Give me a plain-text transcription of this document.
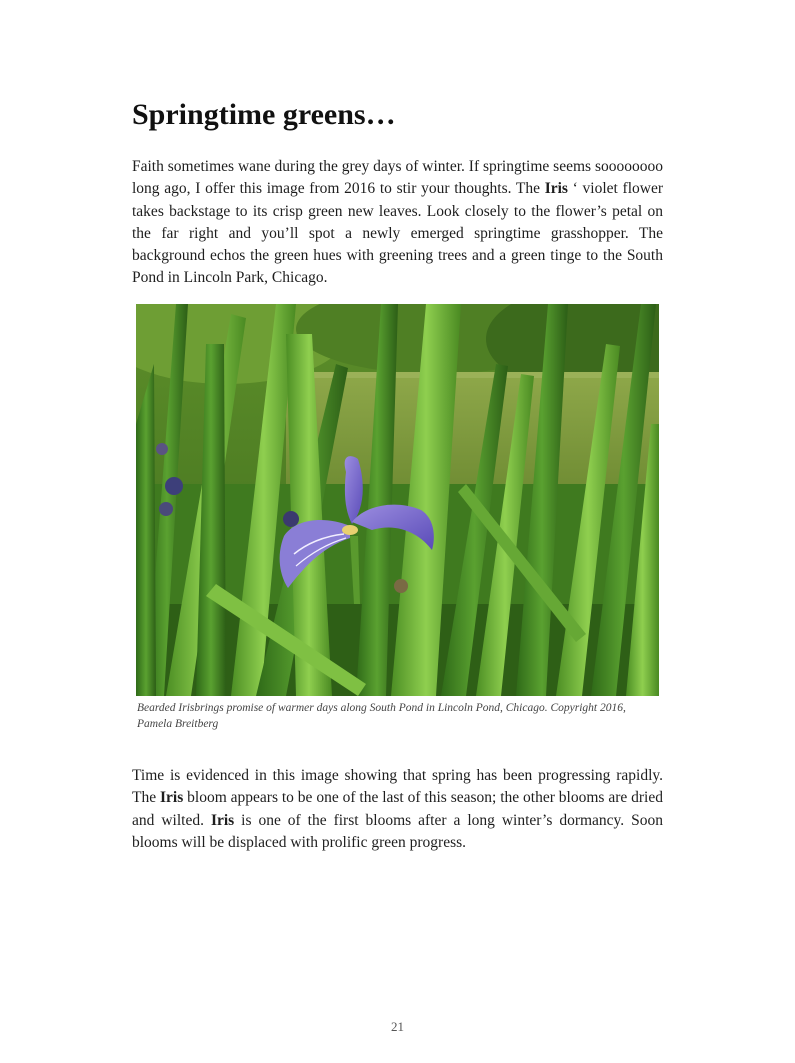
Springtime greens…

Faith sometimes wane during the grey days of winter. If springtime seems soooooooo long ago, I offer this image from 2016 to stir your thoughts. The Iris ‘ violet flower takes backstage to its crisp green new leaves. Look closely to the flower’s petal on the far right and you’ll spot a newly emerged springtime grasshopper. The background echos the green hues with greening trees and a green tinge to the South Pond in Lincoln Park, Chicago.

Bearded Irisbrings promise of warmer days along South Pond in Lincoln Pond, Chicago. Copyright 2016, Pamela Breitberg

Time is evidenced in this image showing that spring has been progressing rapidly. The Iris bloom appears to be one of the last of this season; the other blooms are dried and wilted. Iris is one of the first blooms after a long winter’s dormancy. Soon blooms will be displaced with prolific green progress.

21
